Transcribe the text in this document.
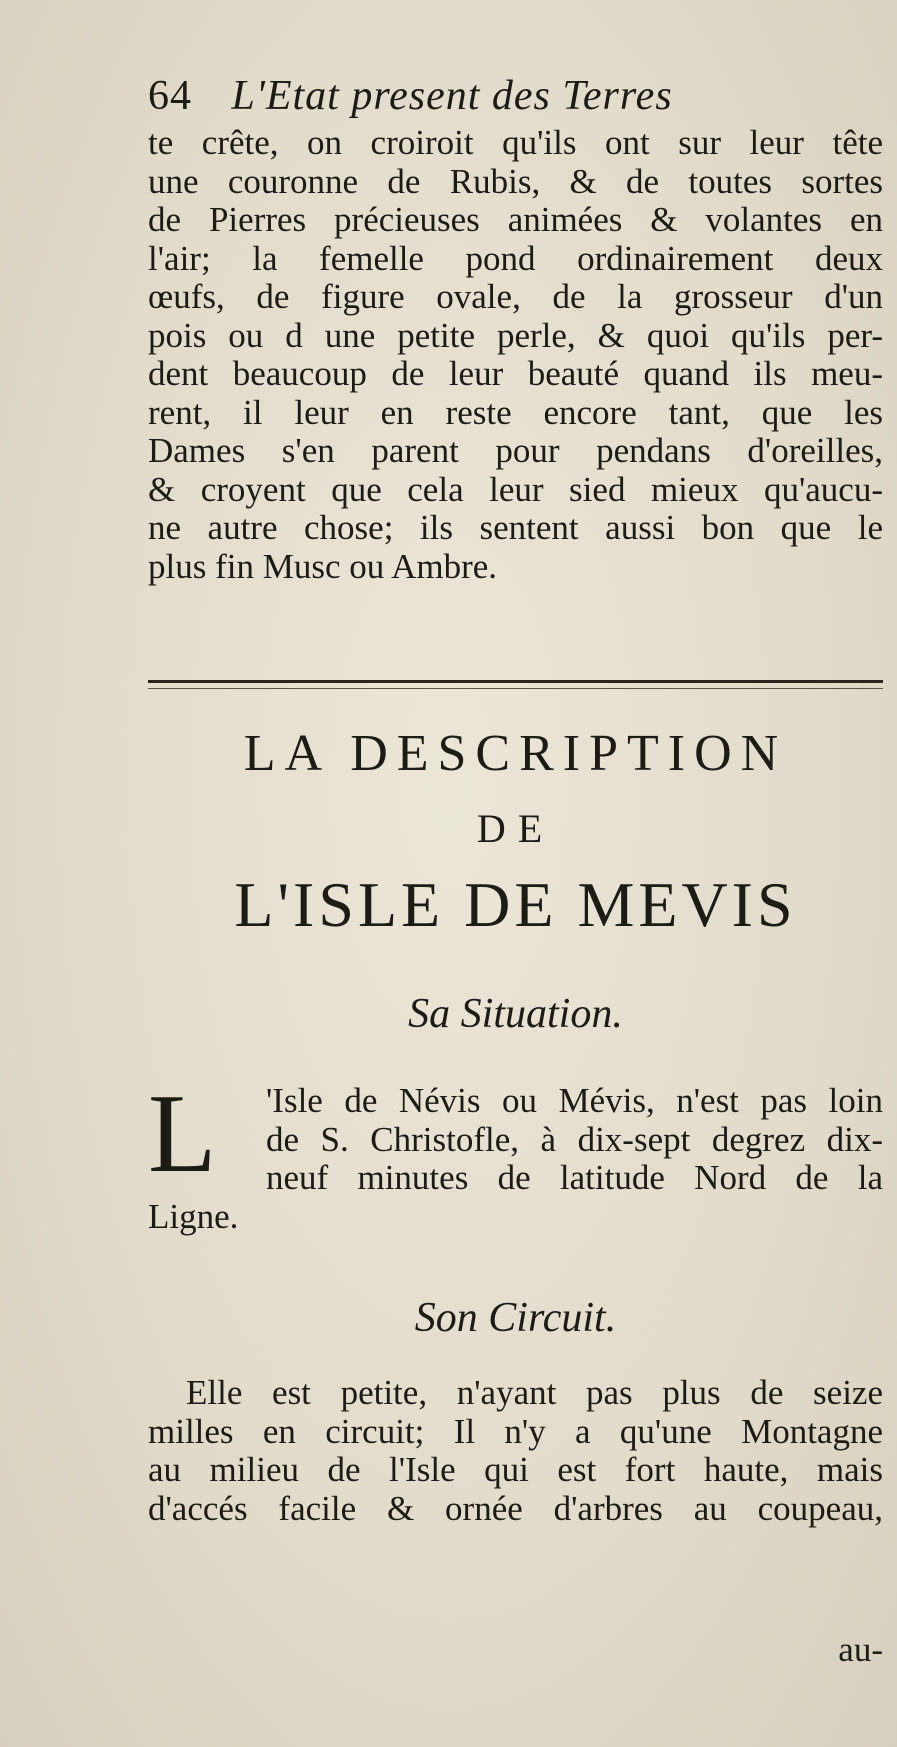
64 L'Etat present des Terres
te crête, on croiroit qu'ils ont sur leur tête
une couronne de Rubis, & de toutes sortes
de Pierres précieuses animées & volantes en
l'air; la femelle pond ordinairement deux
œufs, de figure ovale, de la grosseur d'un
pois ou d une petite perle, & quoi qu'ils per-
dent beaucoup de leur beauté quand ils meu-
rent, il leur en reste encore tant, que les
Dames s'en parent pour pendans d'oreilles,
& croyent que cela leur sied mieux qu'aucu-
ne autre chose; ils sentent aussi bon que le
plus fin Musc ou Ambre.
LA DESCRIPTION
DE
L'ISLE DE MEVIS
Sa Situation.
L	'Isle de Névis ou Mévis, n'est pas loin
de S. Christofle, à dix-sept degrez dix-
neuf minutes de latitude Nord de la
Ligne.
Son Circuit.
Elle est petite, n'ayant pas plus de seize
milles en circuit; Il n'y a qu'une Montagne
au milieu de l'Isle qui est fort haute, mais
d'accés facile & ornée d'arbres au coupeau,
au-
